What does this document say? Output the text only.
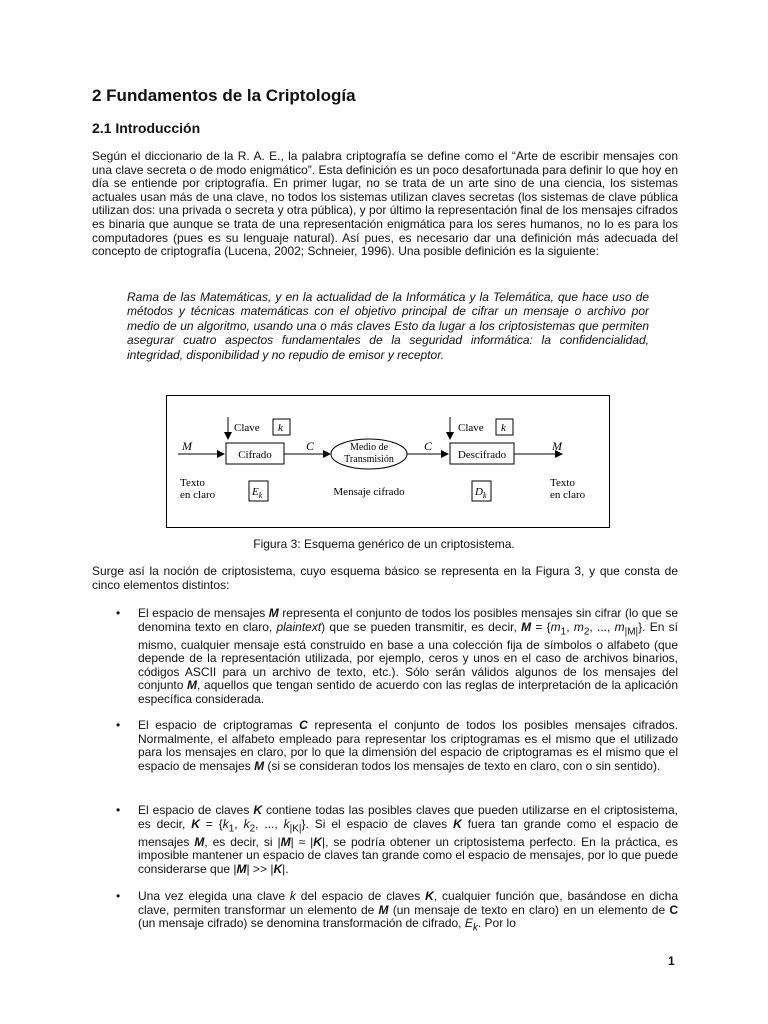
2 Fundamentos de la Criptología
2.1 Introducción

Según el diccionario de la R. A. E., la palabra criptografía se define como el “Arte de escribir mensajes con una clave secreta o de modo enigmático”. Esta definición es un poco desafortunada para definir lo que hoy en día se entiende por criptografía. En primer lugar, no se trata de un arte sino de una ciencia, los sistemas actuales usan más de una clave, no todos los sistemas utilizan claves secretas (los sistemas de clave pública utilizan dos: una privada o secreta y otra pública), y por último la representación final de los mensajes cifrados es binaria que aunque se trata de una representación enigmática para los seres humanos, no lo es para los computadores (pues es su lenguaje natural). Así pues, es necesario dar una definición más adecuada del concepto de criptografía (Lucena, 2002; Schneier, 1996). Una posible definición es la siguiente:

Rama de las Matemáticas, y en la actualidad de la Informática y la Telemática, que hace uso de métodos y técnicas matemáticas con el objetivo principal de cifrar un mensaje o archivo por medio de un algoritmo, usando una o más claves Esto da lugar a los criptosistemas que permiten asegurar cuatro aspectos fundamentales de la seguridad informática: la confidencialidad, integridad, disponibilidad y no repudio de emisor y receptor.

Clave k	Clave k
M
Cifrado
C	Medio de
Transmisión
C
Descifrado
M
Texto
en claro	$E_k$	Mensaje cifrado	$D_k$
Texto
en claro

Figura 3: Esquema genérico de un criptosistema.

Surge así la noción de criptosistema, cuyo esquema básico se representa en la Figura 3, y que consta de cinco elementos distintos:

• El espacio de mensajes M representa el conjunto de todos los posibles mensajes sin cifrar (lo que se denomina texto en claro, plaintext) que se pueden transmitir, es decir, $M = \{m_1$, $m_2$, ..., $m_{|M|}$}. En sí mismo, cualquier mensaje está construido en base a una colección fija de símbolos o alfabeto (que depende de la representación utilizada, por ejemplo, ceros y unos en el caso de archivos binarios, códigos ASCII para un archivo de texto, etc.). Sólo serán válidos algunos de los mensajes del conjunto M, aquellos que tengan sentido de acuerdo con las reglas de interpretación de la aplicación específica considerada.

• El espacio de criptogramas C representa el conjunto de todos los posibles mensajes cifrados. Normalmente, el alfabeto empleado para representar los criptogramas es el mismo que el utilizado para los mensajes en claro, por lo que la dimensión del espacio de criptogramas es el mismo que el espacio de mensajes M (si se consideran todos los mensajes de texto en claro, con o sin sentido).

• El espacio de claves K contiene todas las posibles claves que pueden utilizarse en el criptosistema, es decir, $K = \{k_1$, $k_2$, ..., $k_{|K|}$}. Si el espacio de claves K fuera tan grande como el espacio de mensajes M, es decir, si |M| ≈ |K|, se podría obtener un criptosistema perfecto. En la práctica, es imposible mantener un espacio de claves tan grande como el espacio de mensajes, por lo que puede considerarse que |M| >> |K|.

• Una vez elegida una clave k del espacio de claves K, cualquier función que, basándose en dicha clave, permiten transformar un elemento de M (un mensaje de texto en claro) en un elemento de C (un mensaje cifrado) se denomina transformación de cifrado, $E_k$. Por lo

1
